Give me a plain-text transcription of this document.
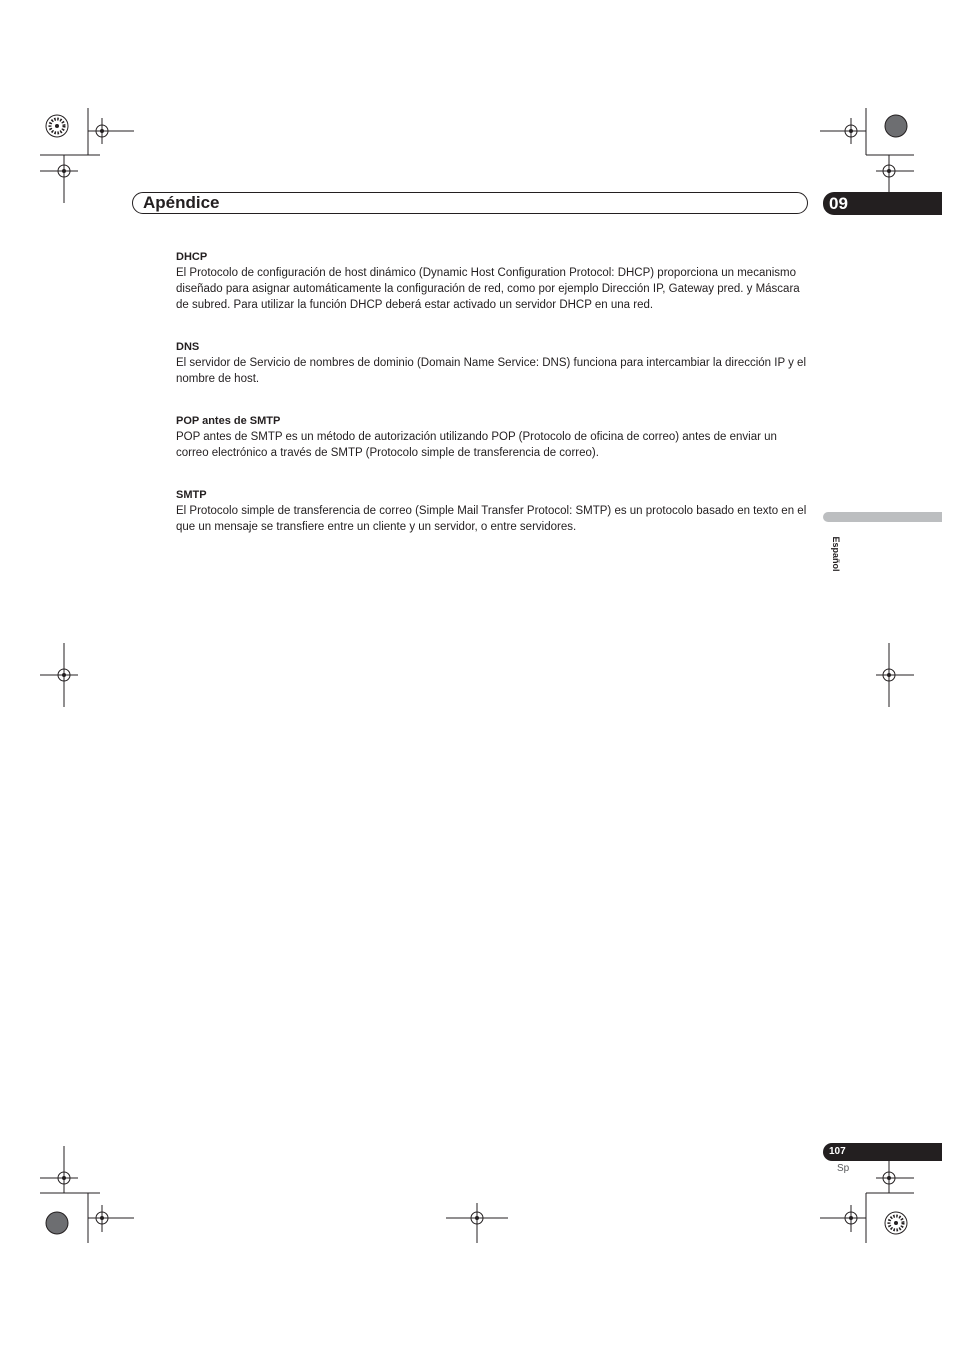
Apéndice	09
DHCP

El Protocolo de configuración de host dinámico (Dynamic Host Configuration Protocol: DHCP) proporciona un mecanismo diseñado para asignar automáticamente la configuración de red, como por ejemplo Dirección IP, Gateway pred. y Máscara de subred. Para utilizar la función DHCP deberá estar activado un servidor DHCP en una red.

DNS

El servidor de Servicio de nombres de dominio (Domain Name Service: DNS) funciona para intercambiar la dirección IP y el nombre de host.

POP antes de SMTP

POP antes de SMTP es un método de autorización utilizando POP (Protocolo de oficina de correo) antes de enviar un correo electrónico a través de SMTP (Protocolo simple de transferencia de correo).

SMTP

El Protocolo simple de transferencia de correo (Simple Mail Transfer Protocol: SMTP) es un protocolo basado en texto en el que un mensaje se transfiere entre un cliente y un servidor, o entre servidores.

Español
107
Sp
